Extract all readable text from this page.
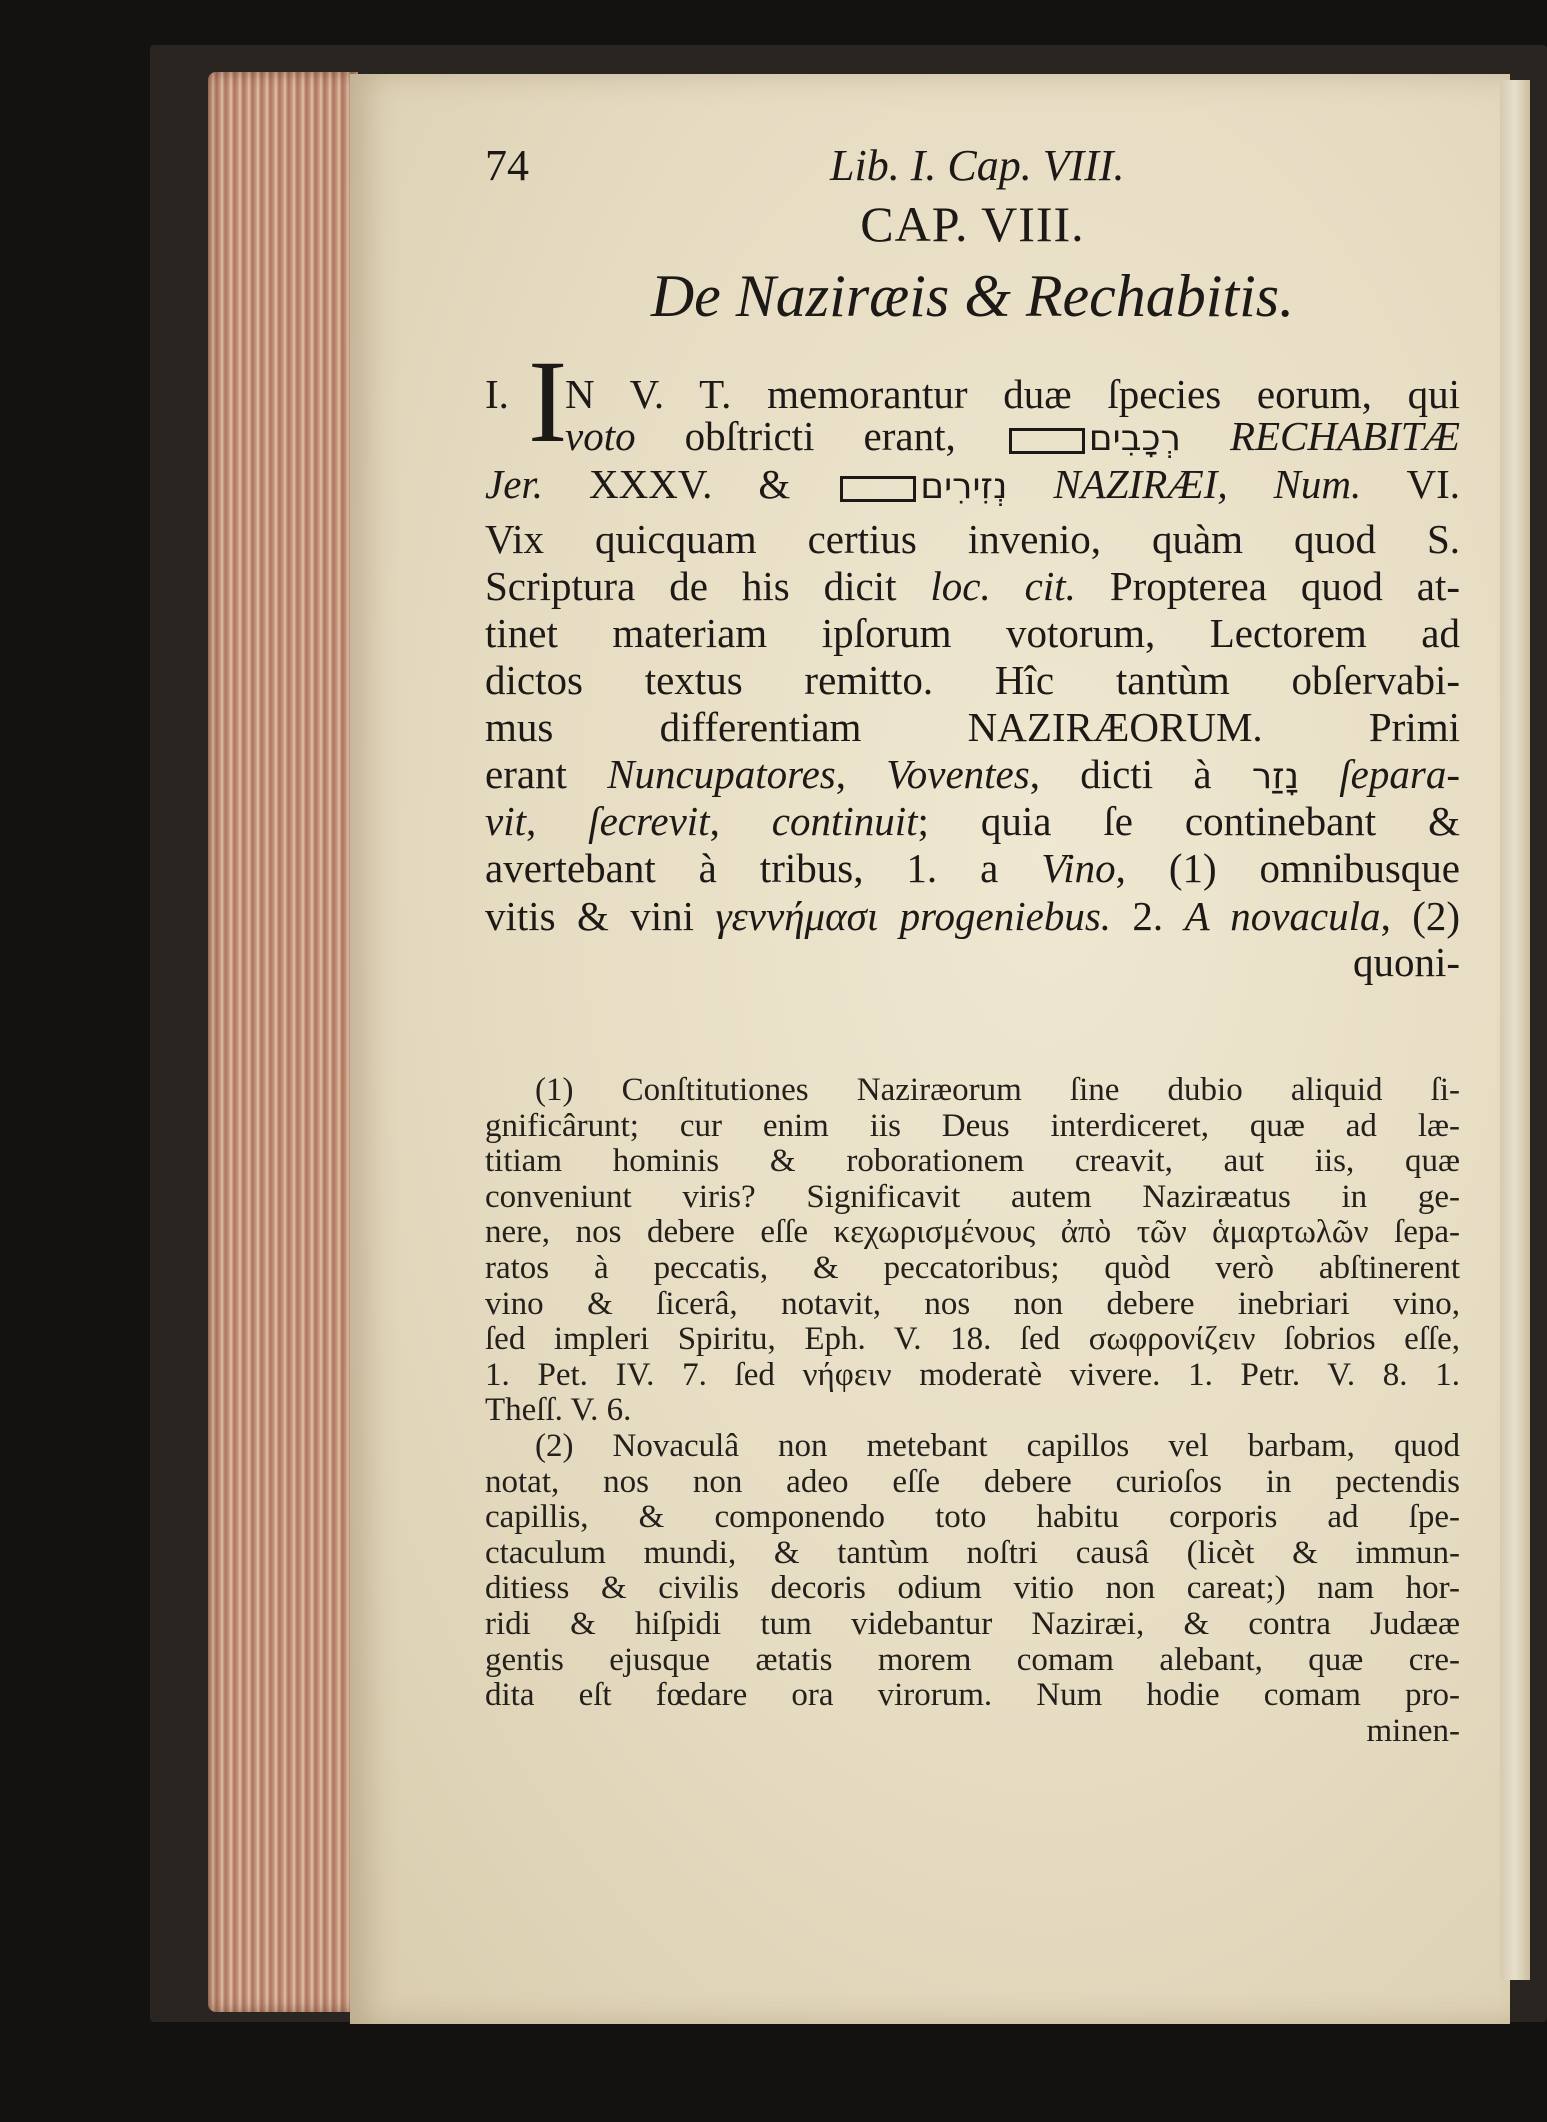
74	Lib. I. Cap. VIII.
CAP. VIII.
De Naziræis & Rechabitis.
I. I
N V. T. memorantur duæ ſpecies eorum, qui
voto obſtricti erant, רְכָבִים RECHABITÆ
Jer. XXXV. & נְזִירִים NAZIRÆI, Num. VI.
Vix quicquam certius invenio, quàm quod S.
Scriptura de his dicit loc. cit. Propterea quod at-
tinet materiam ipſorum votorum, Lectorem ad
dictos textus remitto. Hîc tantùm obſervabi-
mus differentiam NAZIRÆORUM. Primi
erant Nuncupatores, Voventes, dicti à נָזַר ſepara-
vit, ſecrevit, continuit; quia ſe continebant &
avertebant à tribus, 1. a Vino, (1) omnibusque
vitis & vini γεννήμασι progeniebus. 2. A novacula, (2)
quoni-
(1) Conſtitutiones Naziræorum ſine dubio aliquid ſi-
gnificârunt; cur enim iis Deus interdiceret, quæ ad læ-
titiam hominis & roborationem creavit, aut iis, quæ
conveniunt viris? Significavit autem Naziræatus in ge-
nere, nos debere eſſe κεχωρισμένους ἀπὸ τῶν ἁμαρτωλῶν ſepa-
ratos à peccatis, & peccatoribus; quòd verò abſtinerent
vino & ſicerâ, notavit, nos non debere inebriari vino,
ſed impleri Spiritu, Eph. V. 18. ſed σωφρονίζειν ſobrios eſſe,
1. Pet. IV. 7. ſed νήφειν moderatè vivere. 1. Petr. V. 8. 1.
Theſſ. V. 6.
(2) Novaculâ non metebant capillos vel barbam, quod
notat, nos non adeo eſſe debere curioſos in pectendis
capillis, & componendo toto habitu corporis ad ſpe-
ctaculum mundi, & tantùm noſtri causâ (licèt & immun-
ditiess & civilis decoris odium vitio non careat;) nam hor-
ridi & hiſpidi tum videbantur Naziræi, & contra Judææ
gentis ejusque ætatis morem comam alebant, quæ cre-
dita eſt fœdare ora virorum. Num hodie comam pro-
minen-
